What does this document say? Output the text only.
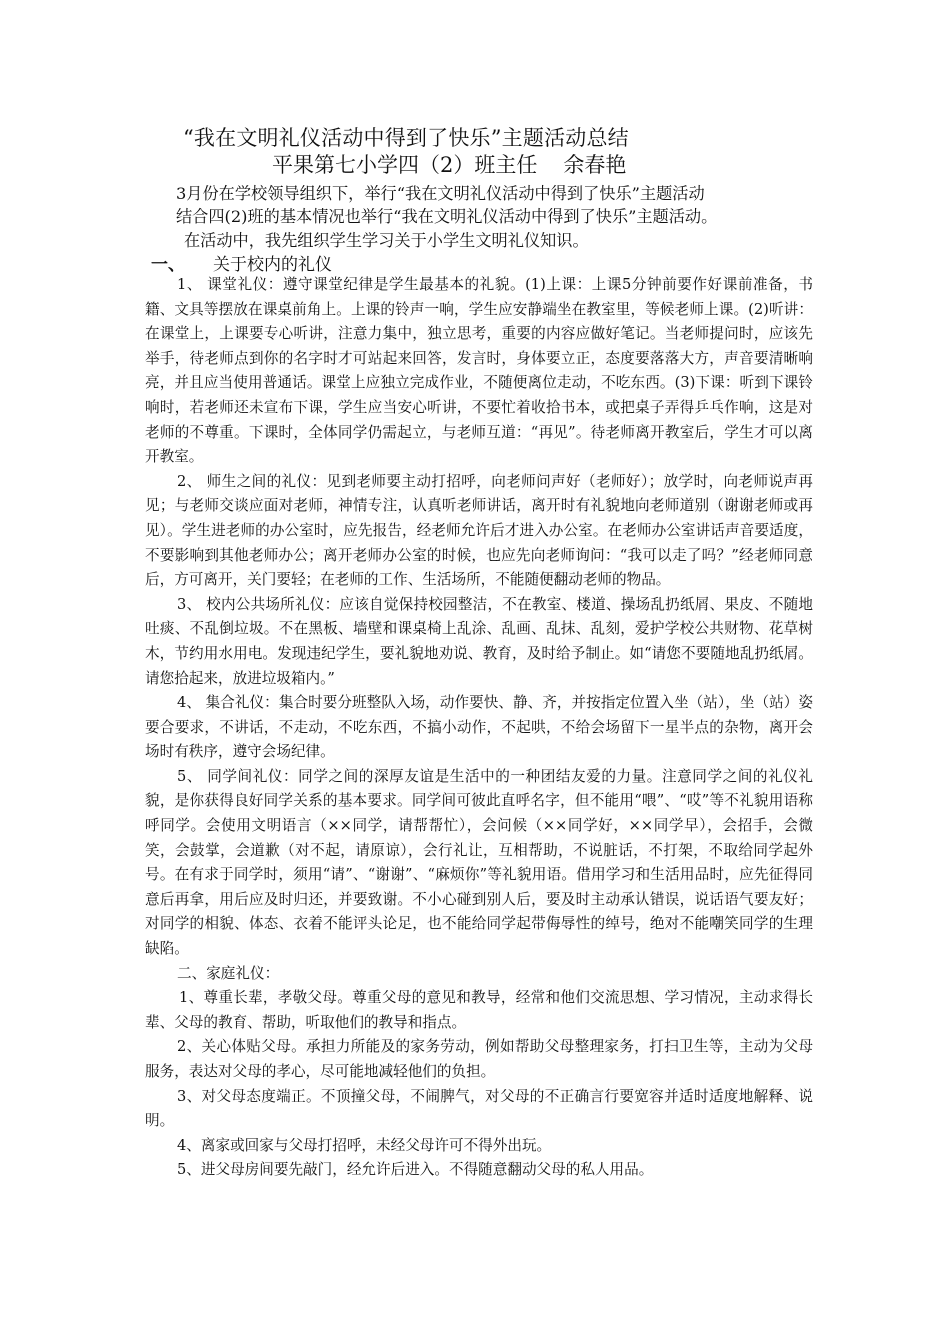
“我在文明礼仪活动中得到了快乐”主题活动总结
平果第七小学四（2）班主任 余春艳
3月份在学校领导组织下，举行“我在文明礼仪活动中得到了快乐”主题活动
结合四(2)班的基本情况也举行“我在文明礼仪活动中得到了快乐”主题活动。
在活动中，我先组织学生学习关于小学生文明礼仪知识。
一、 关于校内的礼仪

1、 课堂礼仪：遵守课堂纪律是学生最基本的礼貌。(1)上课：上课5分钟前要作好课前准备，书籍、文具等摆放在课桌前角上。上课的铃声一响，学生应安静端坐在教室里，等候老师上课。(2)听讲：在课堂上，上课要专心听讲，注意力集中，独立思考，重要的内容应做好笔记。当老师提问时，应该先举手，待老师点到你的名字时才可站起来回答，发言时，身体要立正，态度要落落大方，声音要清晰响亮，并且应当使用普通话。课堂上应独立完成作业，不随便离位走动，不吃东西。(3)下课：听到下课铃响时，若老师还未宣布下课，学生应当安心听讲，不要忙着收拾书本，或把桌子弄得乒乓作响，这是对老师的不尊重。下课时，全体同学仍需起立，与老师互道：“再见”。待老师离开教室后，学生才可以离开教室。

2、 师生之间的礼仪：见到老师要主动打招呼，向老师问声好（老师好）；放学时，向老师说声再见；与老师交谈应面对老师，神情专注，认真听老师讲话，离开时有礼貌地向老师道别（谢谢老师或再见）。学生进老师的办公室时，应先报告，经老师允许后才进入办公室。在老师办公室讲话声音要适度，不要影响到其他老师办公；离开老师办公室的时候，也应先向老师询问：“我可以走了吗？”经老师同意后，方可离开，关门要轻；在老师的工作、生活场所，不能随便翻动老师的物品。

3、 校内公共场所礼仪：应该自觉保持校园整洁，不在教室、楼道、操场乱扔纸屑、果皮、不随地吐痰、不乱倒垃圾。不在黑板、墙壁和课桌椅上乱涂、乱画、乱抹、乱刻，爱护学校公共财物、花草树木，节约用水用电。发现违纪学生，要礼貌地劝说、教育，及时给予制止。如“请您不要随地乱扔纸屑。请您拾起来，放进垃圾箱内。”

4、 集合礼仪：集合时要分班整队入场，动作要快、静、齐，并按指定位置入坐（站），坐（站）姿要合要求，不讲话，不走动，不吃东西，不搞小动作，不起哄，不给会场留下一星半点的杂物，离开会场时有秩序，遵守会场纪律。

5、 同学间礼仪：同学之间的深厚友谊是生活中的一种团结友爱的力量。注意同学之间的礼仪礼貌，是你获得良好同学关系的基本要求。同学间可彼此直呼名字，但不能用“喂”、“哎”等不礼貌用语称呼同学。会使用文明语言（××同学，请帮帮忙），会问候（××同学好，××同学早），会招手，会微笑，会鼓掌，会道歉（对不起，请原谅），会行礼让，互相帮助，不说脏话，不打架，不取给同学起外号。在有求于同学时，须用“请”、“谢谢”、“麻烦你”等礼貌用语。借用学习和生活用品时，应先征得同意后再拿，用后应及时归还，并要致谢。不小心碰到别人后，要及时主动承认错误，说话语气要友好；对同学的相貌、体态、衣着不能评头论足，也不能给同学起带侮辱性的绰号，绝对不能嘲笑同学的生理缺陷。

二、家庭礼仪：

1、尊重长辈，孝敬父母。尊重父母的意见和教导，经常和他们交流思想、学习情况，主动求得长辈、父母的教育、帮助，听取他们的教导和指点。

2、关心体贴父母。承担力所能及的家务劳动，例如帮助父母整理家务，打扫卫生等，主动为父母服务，表达对父母的孝心，尽可能地减轻他们的负担。

3、对父母态度端正。不顶撞父母，不闹脾气，对父母的不正确言行要宽容并适时适度地解释、说明。

4、离家或回家与父母打招呼，未经父母许可不得外出玩。

5、进父母房间要先敲门，经允许后进入。不得随意翻动父母的私人用品。
